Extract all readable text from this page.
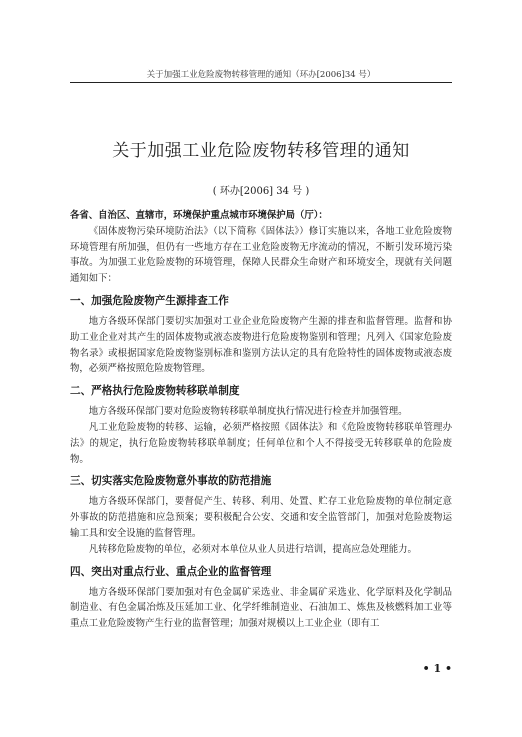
关于加强工业危险废物转移管理的通知（环办[2006]34 号）
关于加强工业危险废物转移管理的通知
( 环办[2006] 34 号 )

各省、自治区、直辖市，环境保护重点城市环境保护局（厅）：

《固体废物污染环境防治法》（以下简称《固体法》）修订实施以来，各地工业危险废物环境管理有所加强，但仍有一些地方存在工业危险废物无序流动的情况，不断引发环境污染事故。为加强工业危险废物的环境管理，保障人民群众生命财产和环境安全，现就有关问题通知如下：

一、加强危险废物产生源排查工作

地方各级环保部门要切实加强对工业企业危险废物产生源的排查和监督管理。监督和协助工业企业对其产生的固体废物或液态废物进行危险废物鉴别和管理；凡列入《国家危险废物名录》或根据国家危险废物鉴别标准和鉴别方法认定的具有危险特性的固体废物或液态废物，必须严格按照危险废物管理。

二、严格执行危险废物转移联单制度

地方各级环保部门要对危险废物转移联单制度执行情况进行检查并加强管理。

凡工业危险废物的转移、运输，必须严格按照《固体法》和《危险废物转移联单管理办法》的规定，执行危险废物转移联单制度；任何单位和个人不得接受无转移联单的危险废物。

三、切实落实危险废物意外事故的防范措施

地方各级环保部门，要督促产生、转移、利用、处置、贮存工业危险废物的单位制定意外事故的防范措施和应急预案；要积极配合公安、交通和安全监管部门，加强对危险废物运输工具和安全设施的监督管理。

凡转移危险废物的单位，必须对本单位从业人员进行培训，提高应急处理能力。

四、突出对重点行业、重点企业的监督管理

地方各级环保部门要加强对有色金属矿采选业、非金属矿采选业、化学原料及化学制品制造业、有色金属冶炼及压延加工业、化学纤维制造业、石油加工、炼焦及核燃料加工业等重点工业危险废物产生行业的监督管理；加强对规模以上工业企业（即有工

• 1 •
